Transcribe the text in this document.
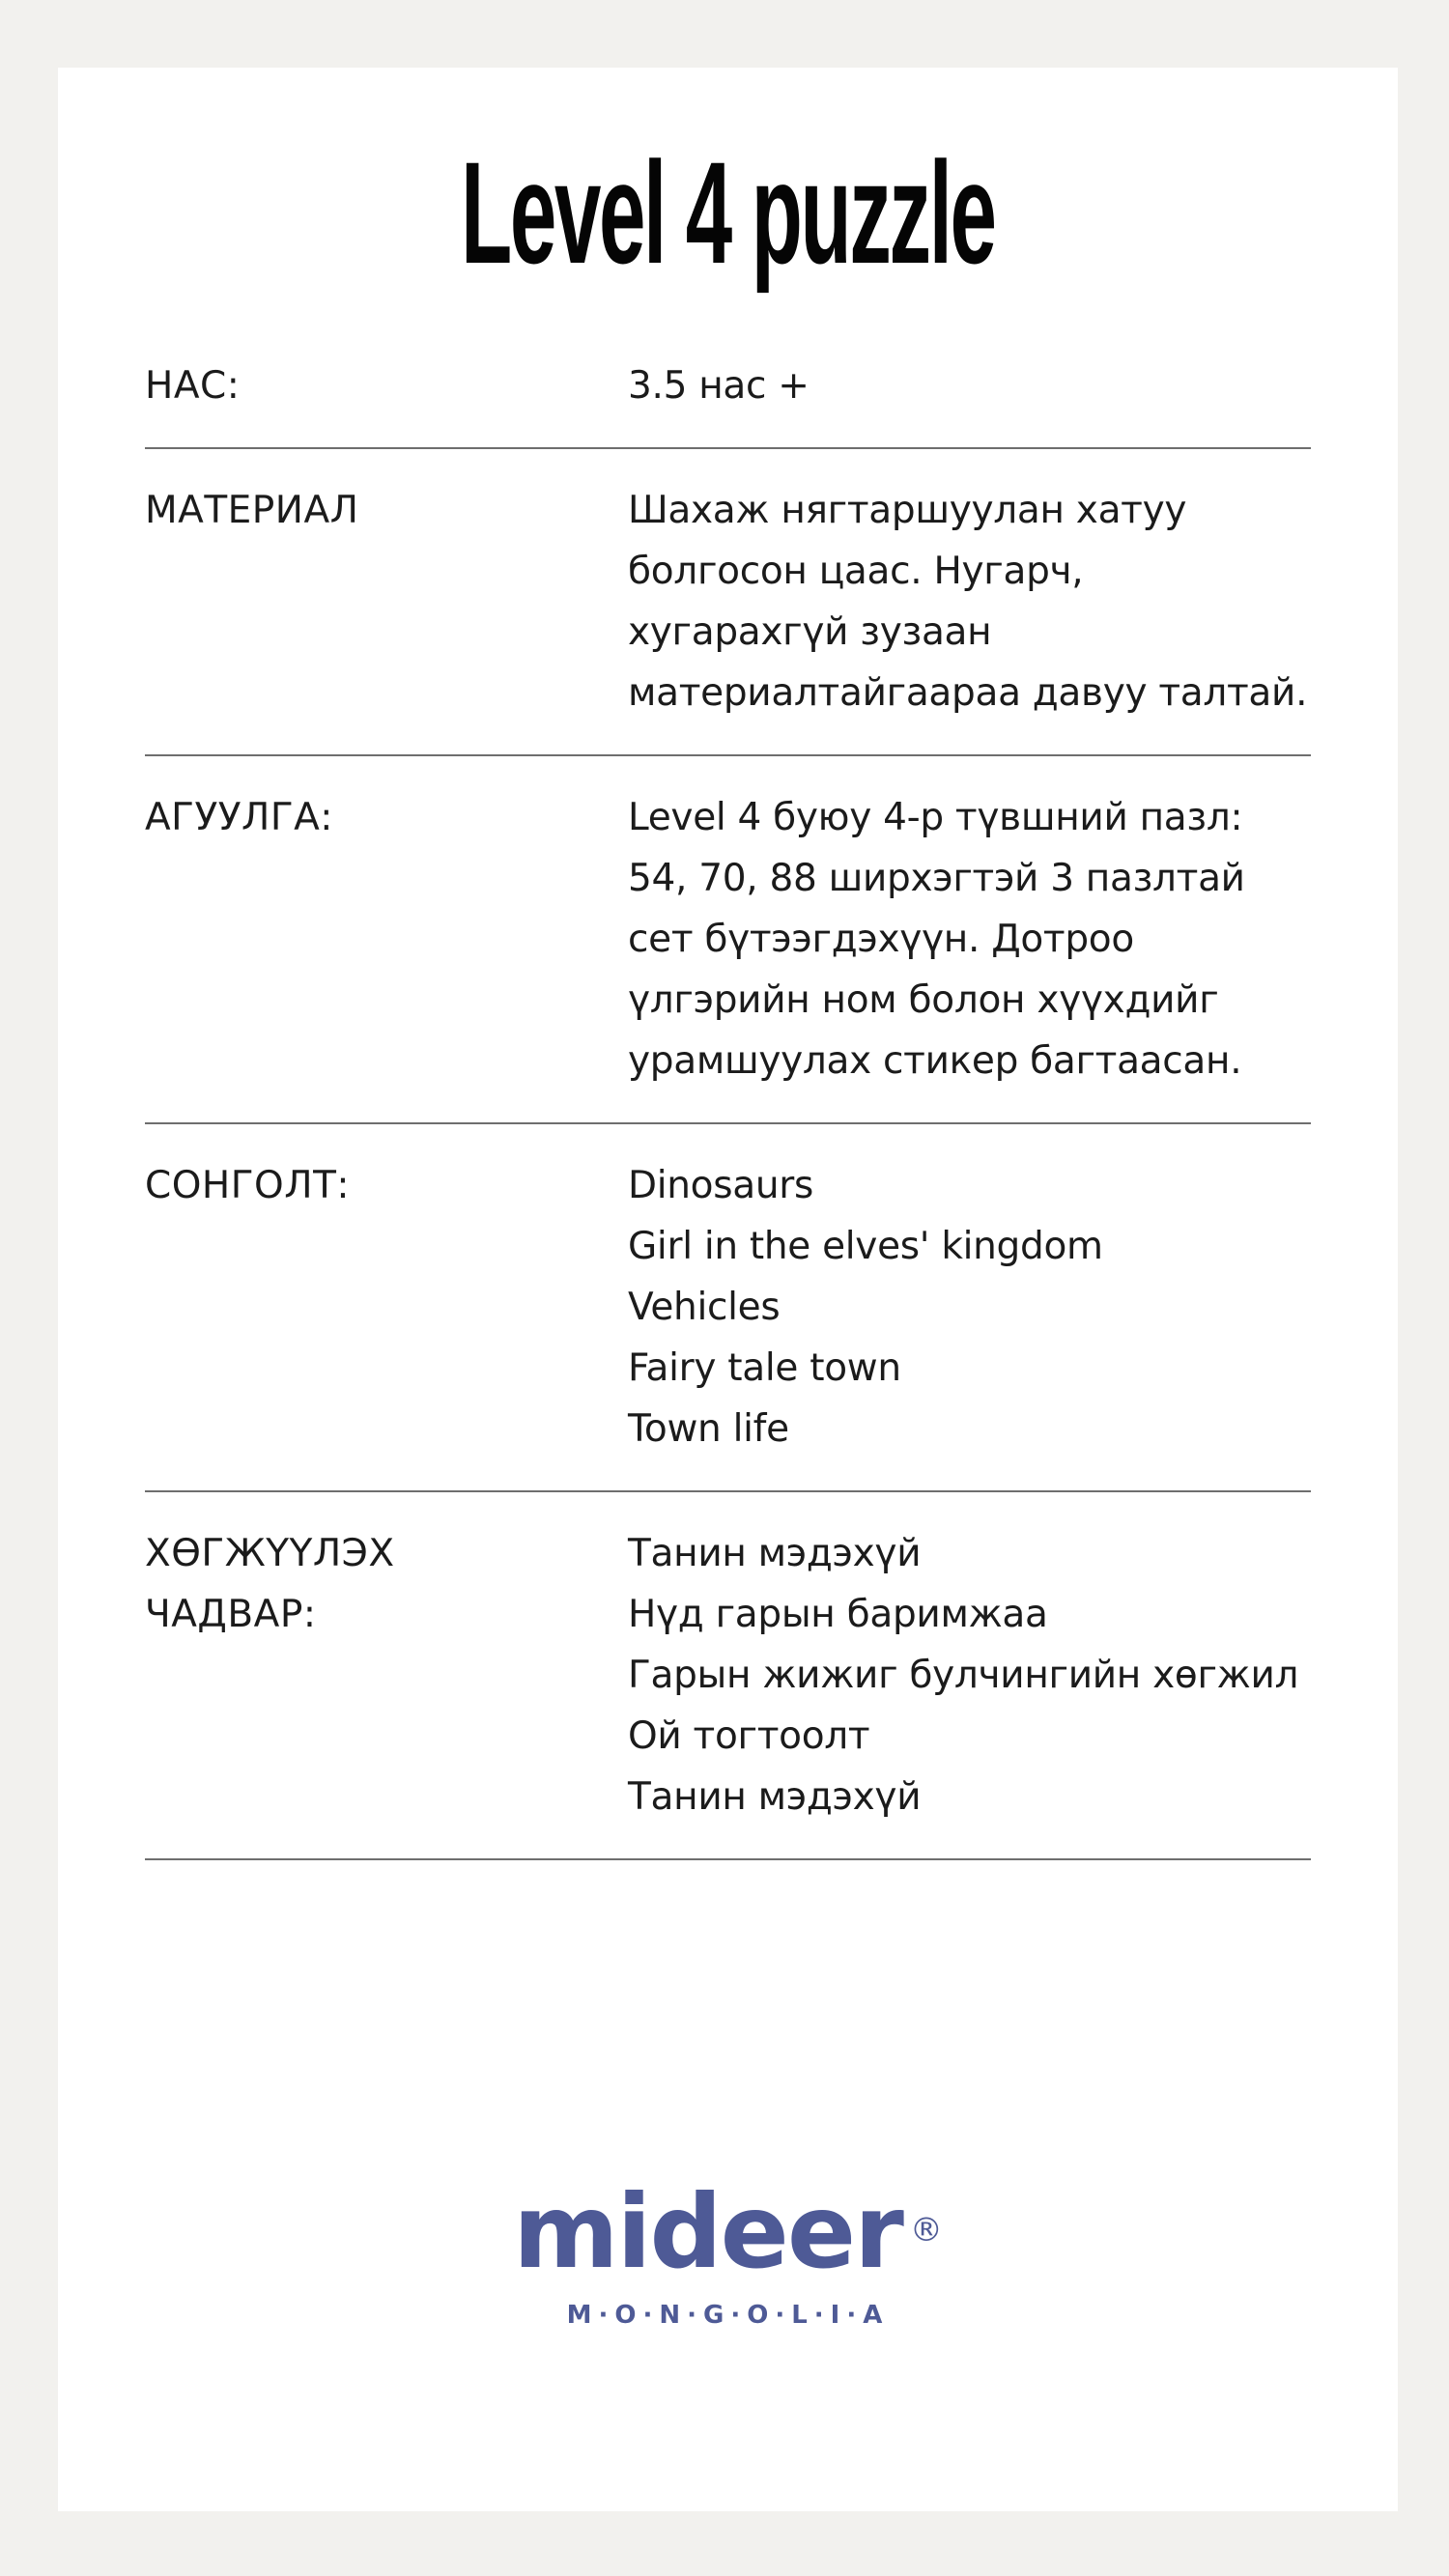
Level 4 puzzle
НАС:	3.5 нас +
МАТЕРИАЛ	Шахаж нягтаршуулан хатуу болгосон цаас. Нугарч, хугарахгүй зузаан материалтайгаараа давуу талтай.
АГУУЛГА:	Level 4 буюу 4-р түвшний пазл: 54, 70, 88 ширхэгтэй 3 пазлтай сет бүтээгдэхүүн. Дотроо үлгэрийн ном болон хүүхдийг урамшуулах стикер багтаасан.
СОНГОЛТ:	Dinosaurs
Girl in the elves' kingdom
Vehicles
Fairy tale town
Town life
ХӨГЖҮҮЛЭХ ЧАДВАР:
Танин мэдэхүй
Нүд гарын баримжаа
Гарын жижиг булчингийн хөгжил
Ой тогтоолт
Танин мэдэхүй
mideer ®
M·O·N·G·O·L·I·A
